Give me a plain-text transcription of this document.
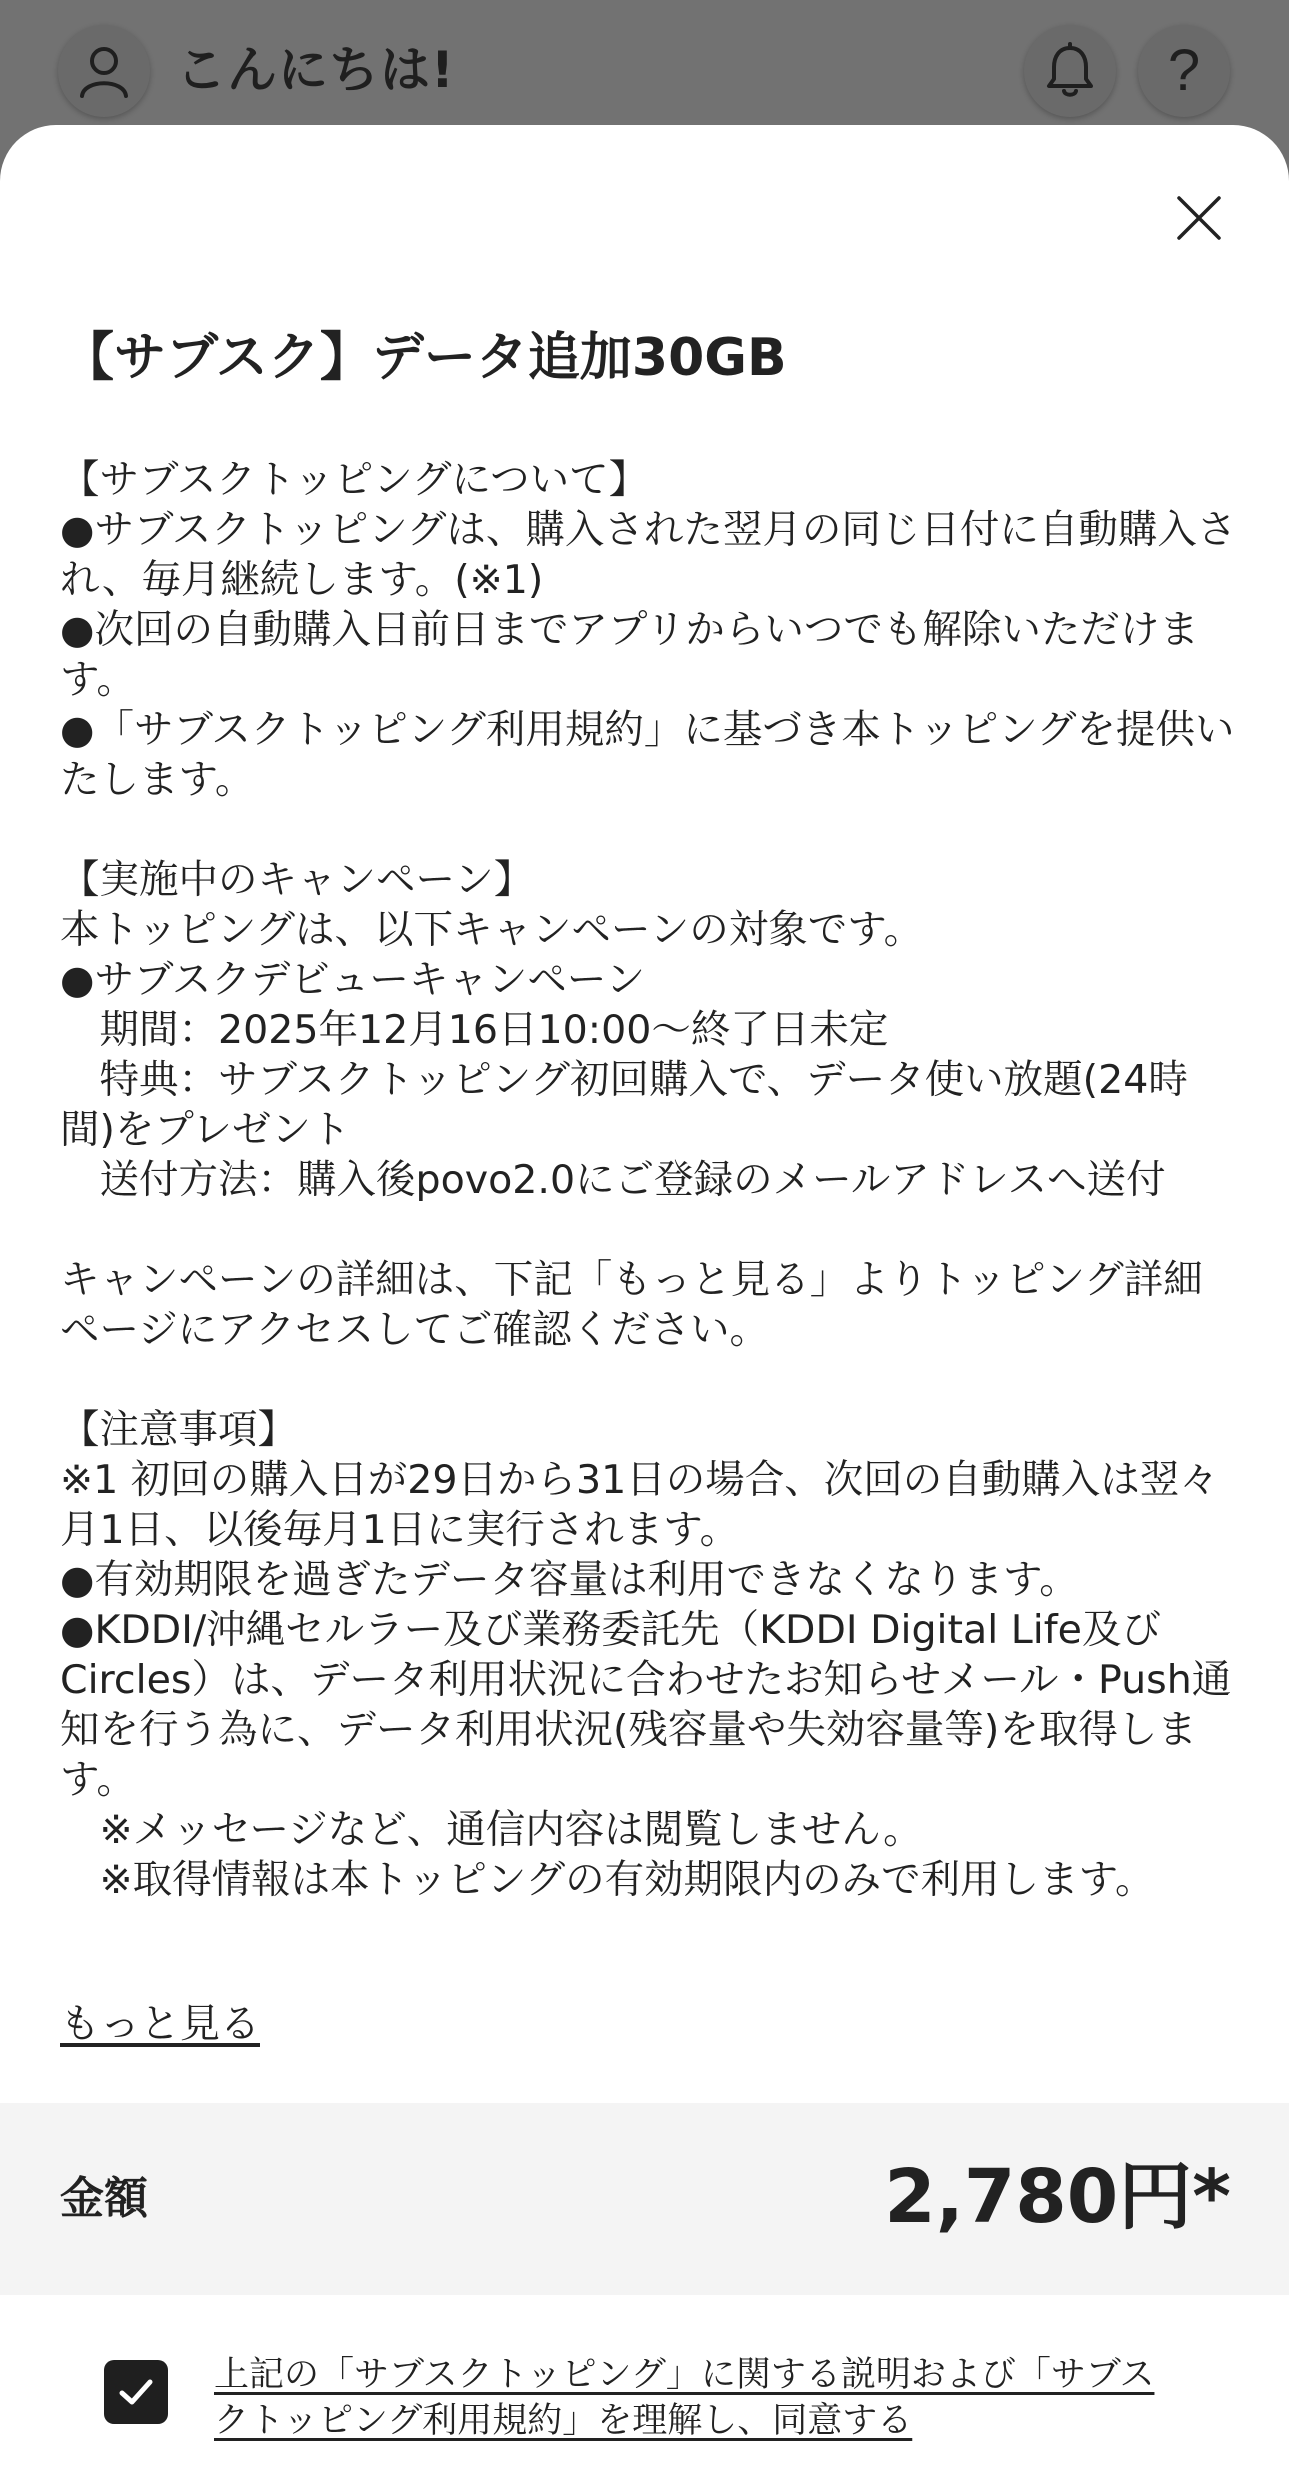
こんにちは!	?
【サブスク】データ追加30GB
【サブスクトッピングについて】
●サブスクトッピングは、購入された翌月の同じ日付に自動購入され、毎月継続します。(※1)
●次回の自動購入日前日までアプリからいつでも解除いただけます。
●「サブスクトッピング利用規約」に基づき本トッピングを提供いたします。

【実施中のキャンペーン】
本トッピングは、以下キャンペーンの対象です。
●サブスクデビューキャンペーン
　期間：2025年12月16日10:00〜終了日未定
　特典：サブスクトッピング初回購入で、データ使い放題(24時間)をプレゼント
　送付方法：購入後povo2.0にご登録のメールアドレスへ送付

キャンペーンの詳細は、下記「もっと見る」よりトッピング詳細ページにアクセスしてご確認ください。

【注意事項】
※1 初回の購入日が29日から31日の場合、次回の自動購入は翌々月1日、以後毎月1日に実行されます。
●有効期限を過ぎたデータ容量は利用できなくなります。
●KDDI/沖縄セルラー及び業務委託先（KDDI Digital Life及びCircles）は、データ利用状況に合わせたお知らせメール・Push通知を行う為に、データ利用状況(残容量や失効容量等)を取得します。
　※メッセージなど、通信内容は閲覧しません。
　※取得情報は本トッピングの有効期限内のみで利用します。
もっと見る
金額	2,780円*
上記の「サブスクトッピング」に関する説明および「サブスクトッピング利用規約」を理解し、同意する
